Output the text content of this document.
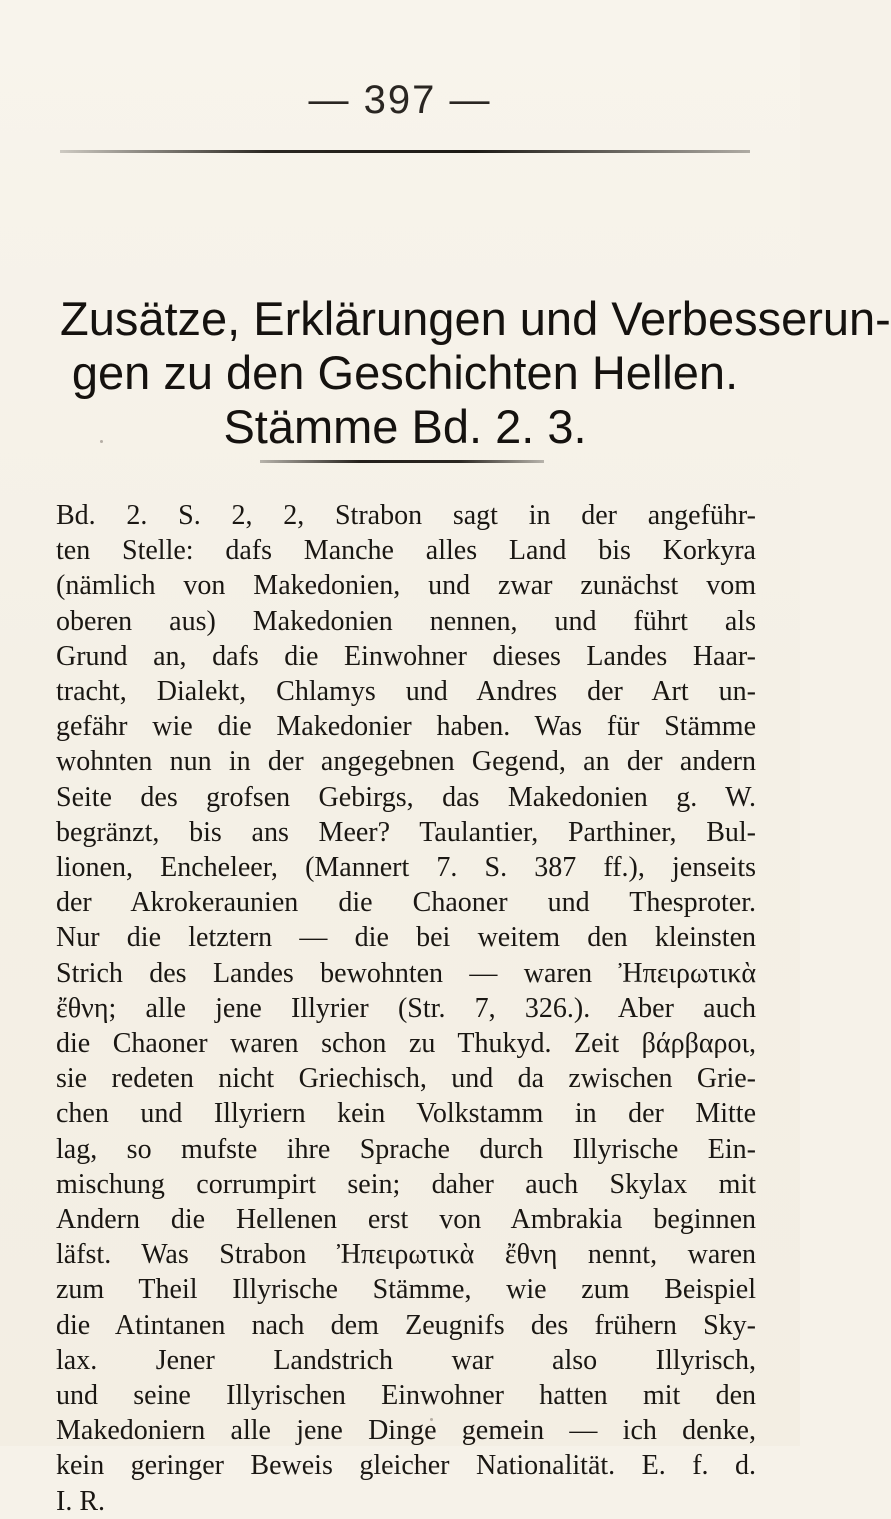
— 397 —
Zusätze, Erklärungen und Verbesserun-
gen zu den Geschichten Hellen.
Stämme Bd. 2. 3.
Bd. 2. S. 2, 2, Strabon sagt in der angeführ-
ten Stelle: dafs Manche alles Land bis Korkyra
(nämlich von Makedonien, und zwar zunächst vom
oberen aus) Makedonien nennen, und führt als
Grund an, dafs die Einwohner dieses Landes Haar-
tracht, Dialekt, Chlamys und Andres der Art un-
gefähr wie die Makedonier haben. Was für Stämme
wohnten nun in der angegebnen Gegend, an der andern
Seite des grofsen Gebirgs, das Makedonien g. W.
begränzt, bis ans Meer? Taulantier, Parthiner, Bul-
lionen, Encheleer, (Mannert 7. S. 387 ff.), jenseits
der Akrokeraunien die Chaoner und Thesproter.
Nur die letztern — die bei weitem den kleinsten
Strich des Landes bewohnten — waren Ἠπειρωτικὰ
ἔθνη; alle jene Illyrier (Str. 7, 326.). Aber auch
die Chaoner waren schon zu Thukyd. Zeit βάρβαροι,
sie redeten nicht Griechisch, und da zwischen Grie-
chen und Illyriern kein Volkstamm in der Mitte
lag, so mufste ihre Sprache durch Illyrische Ein-
mischung corrumpirt sein; daher auch Skylax mit
Andern die Hellenen erst von Ambrakia beginnen
läfst. Was Strabon Ἠπειρωτικὰ ἔθνη nennt, waren
zum Theil Illyrische Stämme, wie zum Beispiel
die Atintanen nach dem Zeugnifs des frühern Sky-
lax. Jener Landstrich war also Illyrisch,
und seine Illyrischen Einwohner hatten mit den
Makedoniern alle jene Dinge gemein — ich denke,
kein geringer Beweis gleicher Nationalität. E. f. d.
I. R.
